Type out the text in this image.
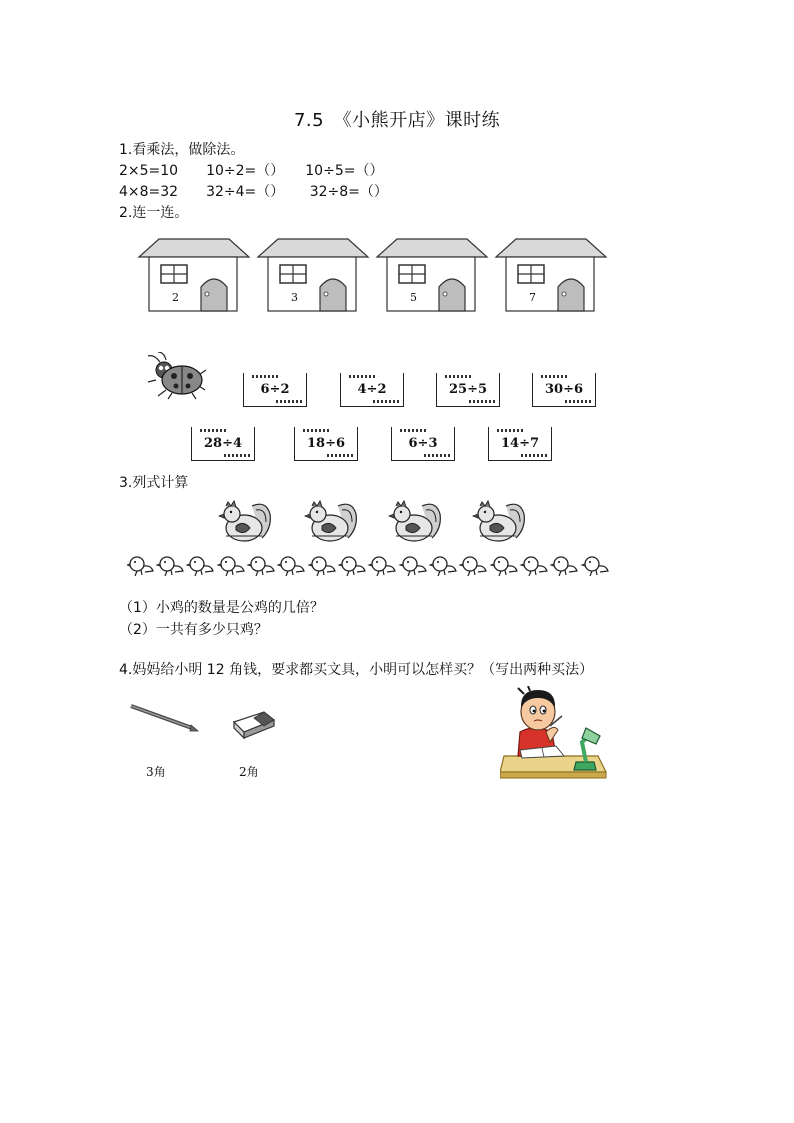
7.5　《小熊开店》课时练
1.看乘法，做除法。
2×5=10　　10÷2=（）　　10÷5=（）
4×8=32　　32÷4=（）　　 32÷8=（）
2.连一连。
2	3	5	7
6÷2	4÷2	25÷5	30÷6
28÷4	18÷6	6÷3	14÷7
3.列式计算
（1）小鸡的数量是公鸡的几倍？
（2）一共有多少只鸡？
4.妈妈给小明 12 角钱，要求都买文具，小明可以怎样买？（写出两种买法）
3角	2角
